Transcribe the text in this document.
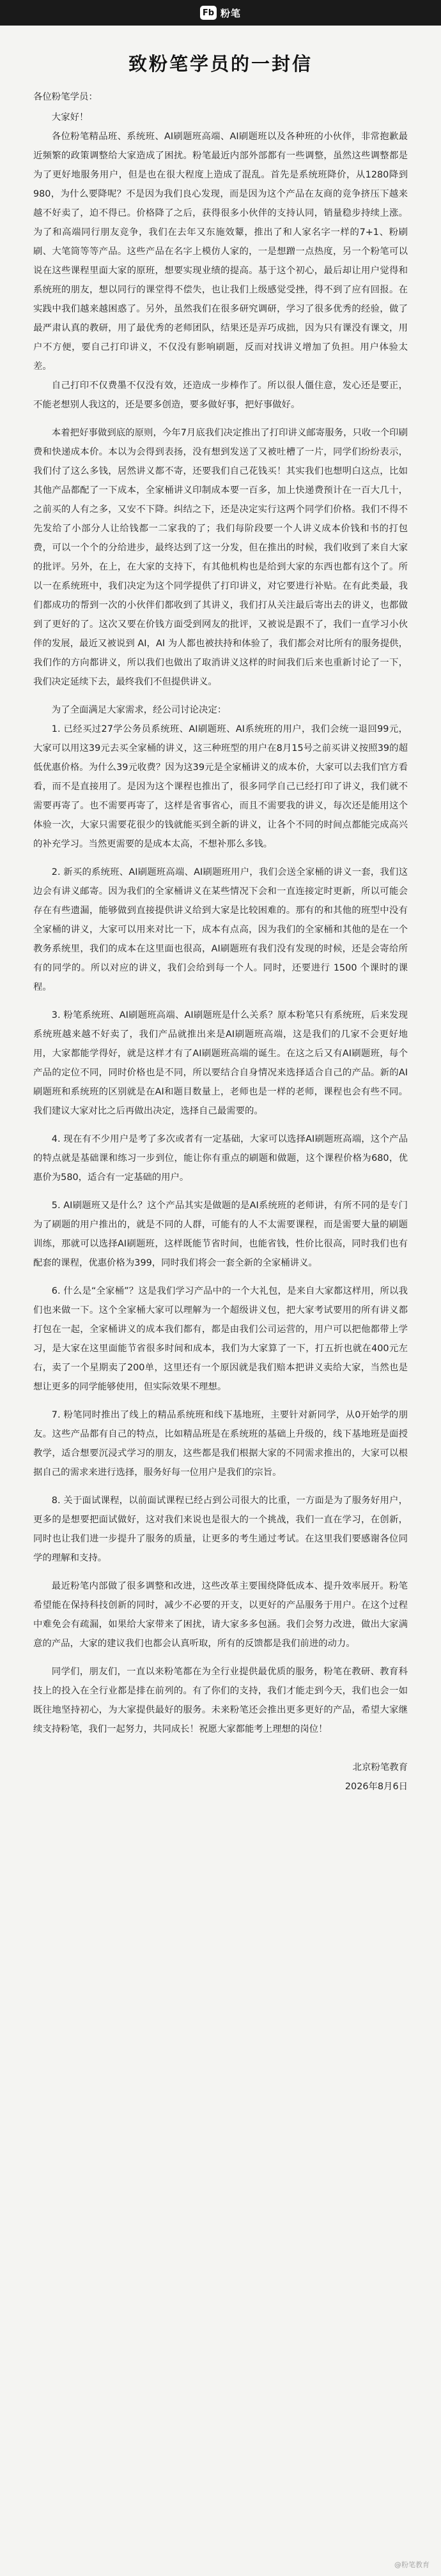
Fb 粉笔
致粉笔学员的一封信

各位粉笔学员：

大家好！

各位粉笔精品班、系统班、AI刷题班高端、AI刷题班以及各种班的小伙伴，非常抱歉最近频繁的政策调整给大家造成了困扰。粉笔最近内部外部都有一些调整，虽然这些调整都是为了更好地服务用户，但是也在很大程度上造成了混乱。首先是系统班降价，从1280降到980，为什么要降呢？不是因为我们良心发现，而是因为这个产品在友商的竞争挤压下越来越不好卖了，迫不得已。价格降了之后，获得很多小伙伴的支持认同，销量稳步持续上涨。为了和高端同行朋友竞争，我们在去年又东施效颦，推出了和人家名字一样的7+1、粉刷刷、大笔筒等等产品。这些产品在名字上模仿人家的，一是想蹭一点热度，另一个粉笔可以说在这些课程里面大家的原班，想要实现业绩的提高。基于这个初心，最后却让用户觉得和系统班的朋友，想以同行的课堂得不偿失，也让我们上级感觉受挫，得不到了应有回报。在实践中我们越来越困惑了。另外，虽然我们在很多研究调研，学习了很多优秀的经验，做了最严肃认真的教研，用了最优秀的老师团队，结果还是弄巧成拙，因为只有课没有课文，用户不方便，要自己打印讲义，不仅没有影响刷题，反而对找讲义增加了负担。用户体验太差。

自己打印不仅费墨不仅没有效，还造成一步棒作了。所以很人僵住意，发心还是要正，不能老想别人我这的，还是要多创造，要多做好事，把好事做好。

本着把好事做到底的原则，今年7月底我们决定推出了打印讲义邮寄服务，只收一个印刷费和快递成本价。本以为会得到表扬，没有想到发送了又被吐槽了一片，同学们纷纷表示，我们付了这么多钱，居然讲义都不寄，还要我们自己花钱买！其实我们也想明白这点，比如其他产品都配了一下成本，全家桶讲义印制成本要一百多，加上快递费预计在一百大几十，之前买的人有之多，又安不下降。纠结之下，还是决定实行这两个同学们价格。我们不得不先发给了小部分人让给钱都一二家我的了；我们每阶段要一个人讲义成本价钱和书的打包费，可以一个个的分给进步，最终达到了这一分发，但在推出的时候，我们收到了来自大家的批评。另外，在上，在大家的支持下，有其他机构也是给到大家的东西也都有这个了。所以一在系统班中，我们决定为这个同学提供了打印讲义，对它要进行补贴。在有此类最，我们都成功的帮到一次的小伙伴们都收到了其讲义，我们打从关注最后寄出去的讲义，也都做到了更好的了。这次又要在价钱方面受到网友的批评，又被说是跟不了，我们一直学习小伙伴的发展，最近又被说到 AI，AI 为人都也被扶持和体验了，我们都会对比所有的服务提供，我们作的方向都讲义，所以我们也做出了取消讲义这样的时间我们后来也重新讨论了一下，我们决定延续下去，最终我们不但提供讲义。

为了全面满足大家需求，经公司讨论决定：

1. 已经买过27学公务员系统班、AI刷题班、AI系统班的用户，我们会统一退回99元，大家可以用这39元去买全家桶的讲义，这三种班型的用户在8月15号之前买讲义按照39的超低优惠价格。为什么39元收费？因为这39元是全家桶讲义的成本价，大家可以去我们官方看看，而不是直接用了。是因为这个课程也推出了，很多同学自己已经打印了讲义，我们就不需要再寄了。也不需要再寄了，这样是省事省心，而且不需要我的讲义，每次还是能用这个体验一次，大家只需要花很少的钱就能买到全新的讲义，让各个不同的时间点都能完成高兴的补充学习。当然更需要的是成本太高，不想补那么多钱。

2. 新买的系统班、AI刷题班高端、AI刷题班用户，我们会送全家桶的讲义一套，我们这边会有讲义邮寄。因为我们的全家桶讲义在某些情况下会和一直连接定时更新，所以可能会存在有些遗漏，能够做到直接提供讲义给到大家是比较困难的。那有的和其他的班型中没有全家桶的讲义，大家可以用来对比一下，成本有点高，因为我们的全家桶和其他的是在一个教务系统里，我们的成本在这里面也很高，AI刷题班有我们没有发现的时候，还是会寄给所有的同学的。所以对应的讲义，我们会给到每一个人。同时，还要进行 1500 个课时的课程。

3. 粉笔系统班、AI刷题班高端、AI刷题班是什么关系？原本粉笔只有系统班，后来发现系统班越来越不好卖了，我们产品就推出来是AI刷题班高端，这是我们的几家不会更好地用，大家都能学得好，就是这样才有了AI刷题班高端的诞生。在这之后又有AI刷题班，每个产品的定位不同，同时价格也是不同，所以要结合自身情况来选择适合自己的产品。新的AI刷题班和系统班的区别就是在AI和题目数量上，老师也是一样的老师，课程也会有些不同。我们建议大家对比之后再做出决定，选择自己最需要的。

4. 现在有不少用户是考了多次或者有一定基础，大家可以选择AI刷题班高端，这个产品的特点就是基础课和练习一步到位，能让你有重点的刷题和做题，这个课程价格为680，优惠价为580，适合有一定基础的用户。

5. AI刷题班又是什么？这个产品其实是做题的是AI系统班的老师讲，有所不同的是专门为了刷题的用户推出的，就是不同的人群，可能有的人不太需要课程，而是需要大量的刷题训练，那就可以选择AI刷题班，这样既能节省时间，也能省钱，性价比很高，同时我们也有配套的课程，优惠价格为399，同时我们将会一套全新的全家桶讲义。

6. 什么是“全家桶”？这是我们学习产品中的一个大礼包，是来自大家都这样用，所以我们也来做一下。这个全家桶大家可以理解为一个超级讲义包，把大家考试要用的所有讲义都打包在一起，全家桶讲义的成本我们都有，都是由我们公司运营的，用户可以把他都带上学习，是大家在这里面能节省很多时间和成本，我们为大家算了一下，打五折也就在400元左右，卖了一个星期卖了200单，这里还有一个原因就是我们赔本把讲义卖给大家，当然也是想让更多的同学能够使用，但实际效果不理想。

7. 粉笔同时推出了线上的精品系统班和线下基地班，主要针对新同学，从0开始学的朋友。这些产品都有自己的特点，比如精品班是在系统班的基础上升级的，线下基地班是面授教学，适合想要沉浸式学习的朋友，这些都是我们根据大家的不同需求推出的，大家可以根据自己的需求来进行选择，服务好每一位用户是我们的宗旨。

8. 关于面试课程，以前面试课程已经占到公司很大的比重，一方面是为了服务好用户，更多的是想要把面试做好，这对我们来说也是很大的一个挑战，我们一直在学习，在创新，同时也让我们进一步提升了服务的质量，让更多的考生通过考试。在这里我们要感谢各位同学的理解和支持。

最近粉笔内部做了很多调整和改进，这些改革主要围绕降低成本、提升效率展开。粉笔希望能在保持科技创新的同时，减少不必要的开支，以更好的产品服务于用户。在这个过程中难免会有疏漏，如果给大家带来了困扰，请大家多多包涵。我们会努力改进，做出大家满意的产品，大家的建议我们也都会认真听取，所有的反馈都是我们前进的动力。

同学们，朋友们，一直以来粉笔都在为全行业提供最优质的服务，粉笔在教研、教育科技上的投入在全行业都是排在前列的。有了你们的支持，我们才能走到今天，我们也会一如既往地坚持初心，为大家提供最好的服务。未来粉笔还会推出更多更好的产品，希望大家继续支持粉笔，我们一起努力，共同成长！祝愿大家都能考上理想的岗位！

北京粉笔教育

2026年8月6日

@粉笔教育
